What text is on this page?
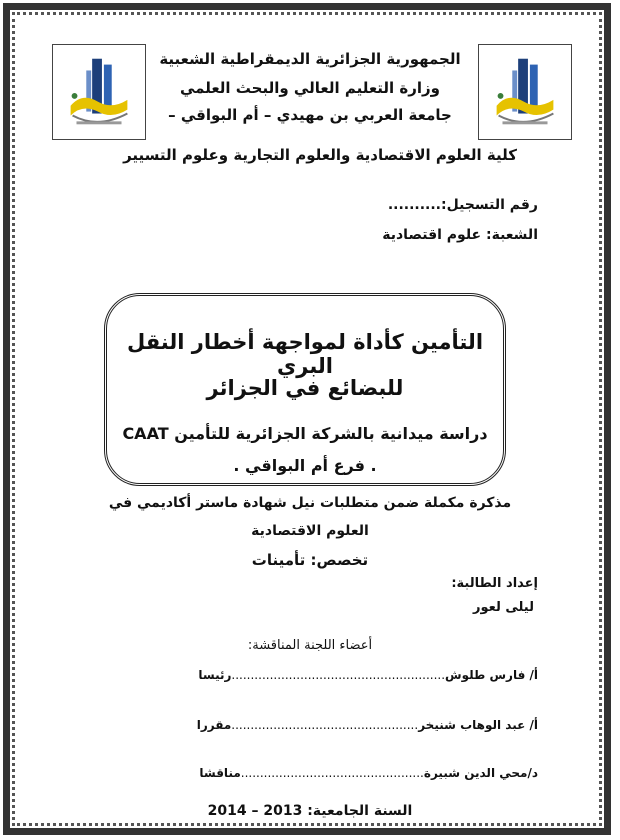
الجمهورية الجزائرية الديمقراطية الشعبية
وزارة التعليم العالي والبحث العلمي
جامعة العربي بن مهيدي – أم البواقي –
كلية العلوم الاقتصادية والعلوم التجارية وعلوم التسيير
رقم التسجيل:..........
الشعبة: علوم اقتصادية
التأمين كأداة لمواجهة أخطار النقل البري
للبضائع في الجزائر
دراسة ميدانية بالشركة الجزائرية للتأمين CAAT
. فرع أم البواقي .
مذكرة مكملة ضمن متطلبات نيل شهادة ماستر أكاديمي في العلوم الاقتصادية
تخصص: تأمينات
إعداد الطالبة:
ليلى لعور
أعضاء اللجنة المناقشة:
أ/ فارس طلوش........................................................رئيسا
أ/ عبد الوهاب شنيخر.................................................مقررا
د/محي الدين شبيرة................................................مناقشا
السنة الجامعية: 2013 – 2014
